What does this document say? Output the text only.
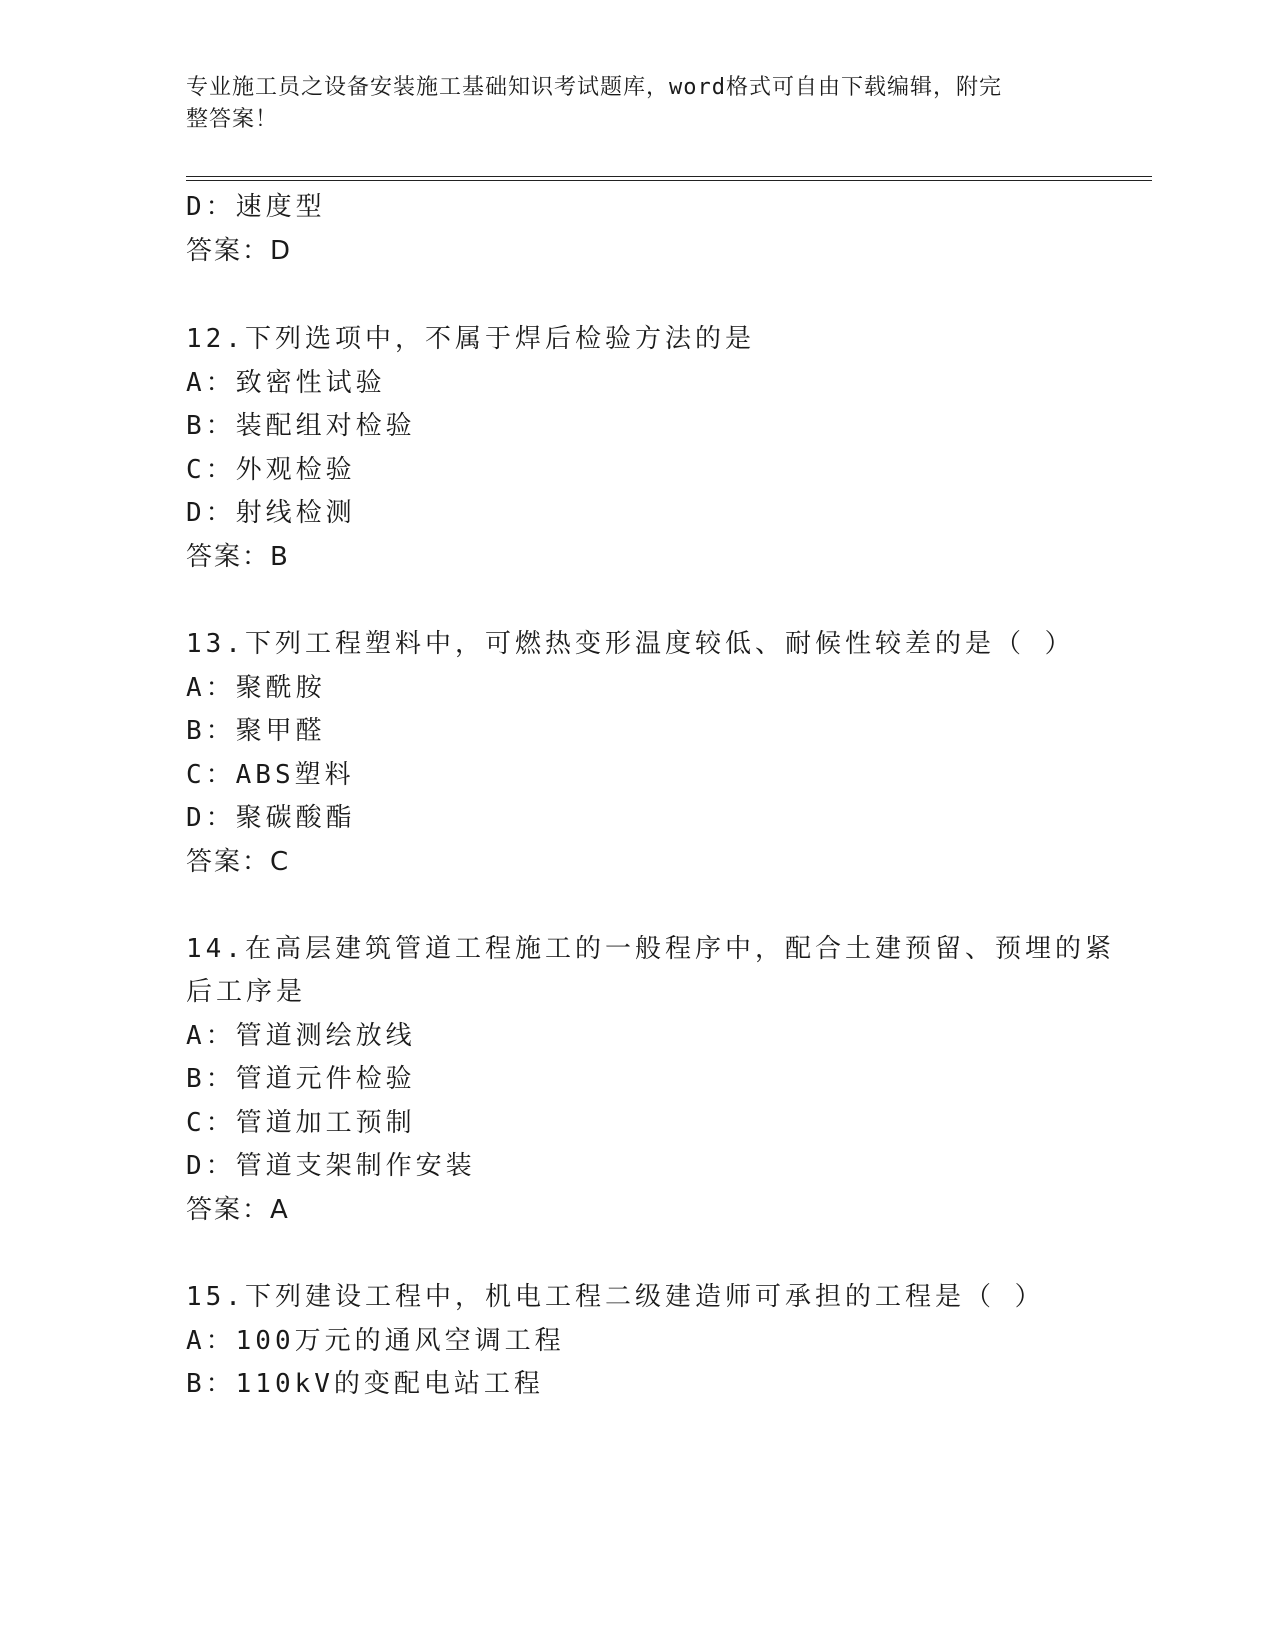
专业施工员之设备安装施工基础知识考试题库，word格式可自由下载编辑，附完
整答案！
D：速度型
答案：D
12.下列选项中，不属于焊后检验方法的是
A：致密性试验
B：装配组对检验
C：外观检验
D：射线检测
答案：B
13.下列工程塑料中，可燃热变形温度较低、耐候性较差的是（ ）
A：聚酰胺
B：聚甲醛
C：ABS塑料
D：聚碳酸酯
答案：C
14.在高层建筑管道工程施工的一般程序中，配合土建预留、预埋的紧
后工序是
A：管道测绘放线
B：管道元件检验
C：管道加工预制
D：管道支架制作安装
答案：A
15.下列建设工程中，机电工程二级建造师可承担的工程是（ ）
A：100万元的通风空调工程
B：110kV的变配电站工程
